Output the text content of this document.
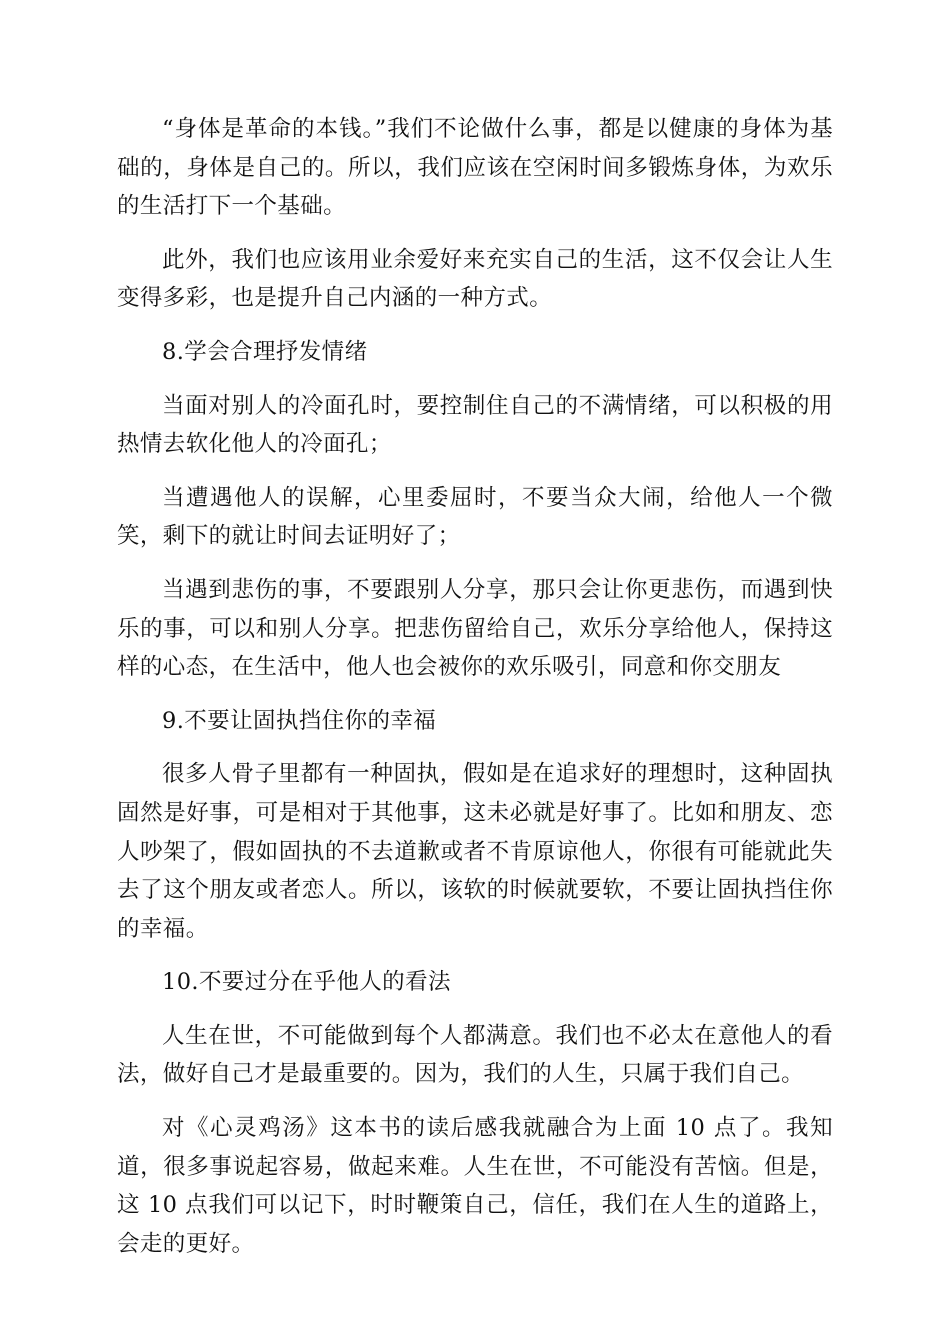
“身体是革命的本钱。”我们不论做什么事，都是以健康的身体为基础的，身体是自己的。所以，我们应该在空闲时间多锻炼身体，为欢乐的生活打下一个基础。

此外，我们也应该用业余爱好来充实自己的生活，这不仅会让人生变得多彩，也是提升自己内涵的一种方式。

8.学会合理抒发情绪

当面对别人的冷面孔时，要控制住自己的不满情绪，可以积极的用热情去软化他人的冷面孔；

当遭遇他人的误解，心里委屈时，不要当众大闹，给他人一个微笑，剩下的就让时间去证明好了；

当遇到悲伤的事，不要跟别人分享，那只会让你更悲伤，而遇到快乐的事，可以和别人分享。把悲伤留给自己，欢乐分享给他人，保持这样的心态，在生活中，他人也会被你的欢乐吸引，同意和你交朋友

9.不要让固执挡住你的幸福

很多人骨子里都有一种固执，假如是在追求好的理想时，这种固执固然是好事，可是相对于其他事，这未必就是好事了。比如和朋友、恋人吵架了，假如固执的不去道歉或者不肯原谅他人，你很有可能就此失去了这个朋友或者恋人。所以，该软的时候就要软，不要让固执挡住你的幸福。

10.不要过分在乎他人的看法

人生在世，不可能做到每个人都满意。我们也不必太在意他人的看法，做好自己才是最重要的。因为，我们的人生，只属于我们自己。

对《心灵鸡汤》这本书的读后感我就融合为上面 10 点了。我知道，很多事说起容易，做起来难。人生在世，不可能没有苦恼。但是，这 10 点我们可以记下，时时鞭策自己，信任，我们在人生的道路上，会走的更好。
